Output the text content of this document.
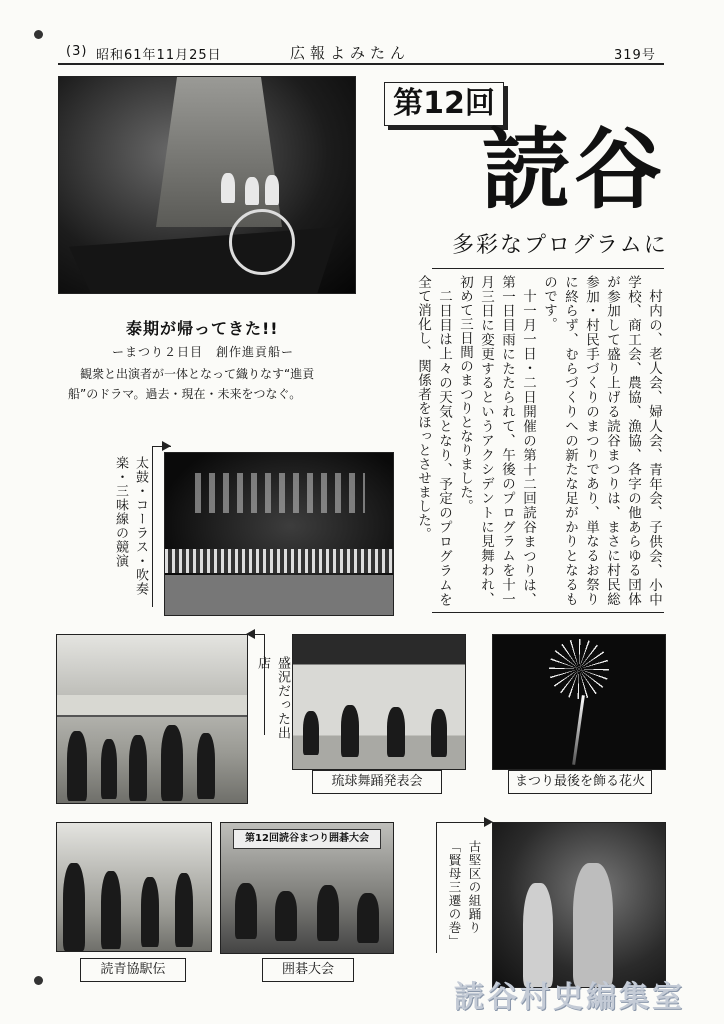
(3) 昭和61年11月25日	広報よみたん	319号
泰期が帰ってきた!!
ーまつり２日目　創作進貢船ー
観衆と出演者が一体となって織りなす“進貢船”のドラマ。過去・現在・未来をつなぐ。
第12回
読谷
多彩なプログラムに

村内の、老人会、婦人会、青年会、子供会、小中学校、商工会、農協、漁協、各字の他あらゆる団体が参加して盛り上げる読谷まつりは、まさに村民総参加・村民手づくりのまつりであり、単なるお祭りに終らず、むらづくりへの新たな足がかりとなるものです。

十一月一日・二日開催の第十二回読谷まつりは、第一日目雨にたたられて、午後のプログラムを十一月三日に変更するというアクシデントに見舞われ、初めて三日間のまつりとなりました。

二日目は上々の天気となり、予定のプログラムを全て消化し、関係者をほっとさせました。

太鼓・コーラス・吹奏楽・三味線の競演
盛況だった出店
琉球舞踊発表会	まつり最後を飾る花火
読青協駅伝
第12回読谷まつり囲碁大会
囲碁大会
古堅区の組踊り「賢母三遷の巻」
読谷村史編集室
